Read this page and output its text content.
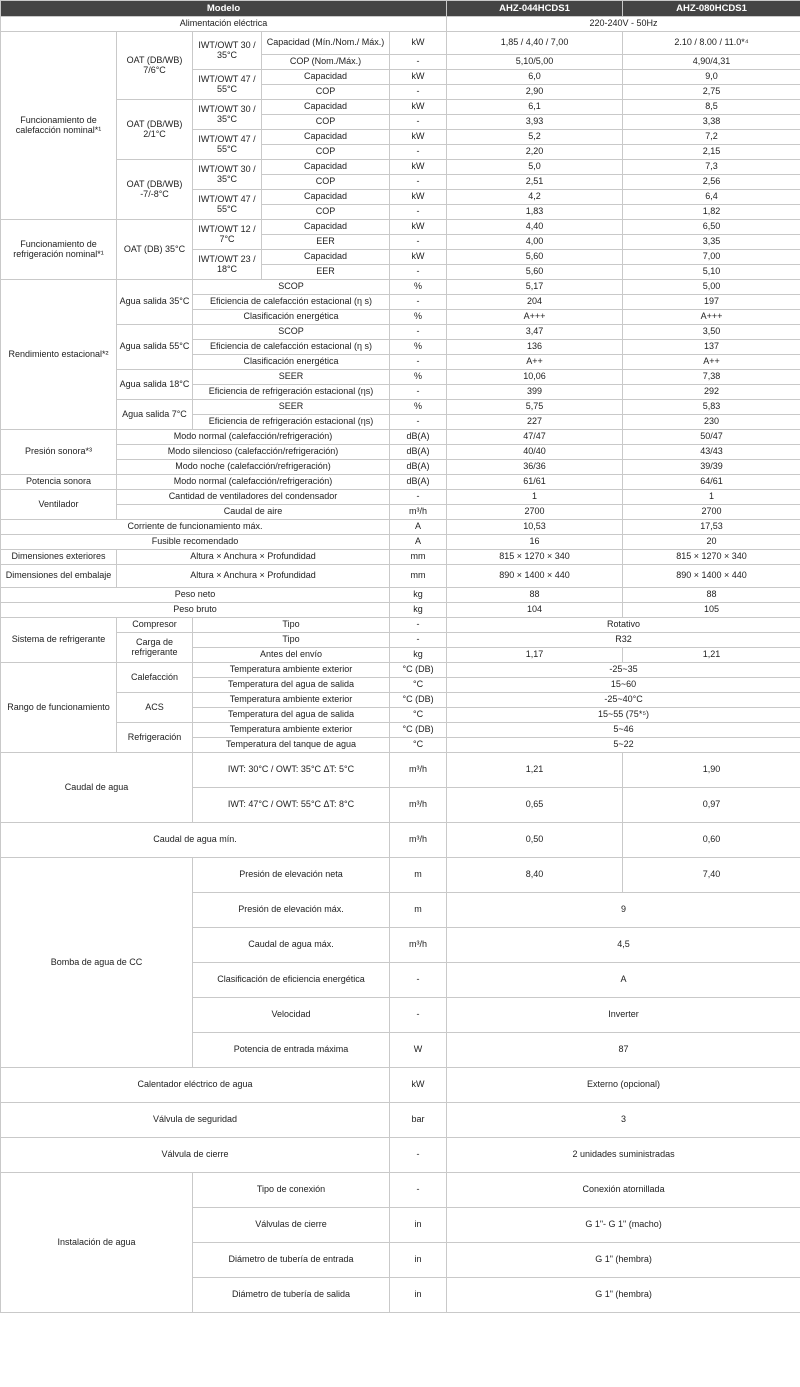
Modelo					AHZ-044HCDS1	AHZ-080HCDS1
Alimentación eléctrica					220-240V - 50Hz	
Funcionamiento de calefacción nominal*¹	OAT (DB/WB) 7/6°C	IWT/OWT 30 / 35°C	Capacidad (Mín./Nom./ Máx.)	kW	1,85 / 4,40 / 7,00	2.10 / 8.00 / 11.0*⁴
			COP (Nom./Máx.)	-	5,10/5,00	4,90/4,31
		IWT/OWT 47 / 55°C	Capacidad	kW	6,0	9,0
			COP	-	2,90	2,75
	OAT (DB/WB) 2/1°C	IWT/OWT 30 / 35°C	Capacidad	kW	6,1	8,5
			COP	-	3,93	3,38
		IWT/OWT 47 / 55°C	Capacidad	kW	5,2	7,2
			COP	-	2,20	2,15
	OAT (DB/WB) -7/-8°C	IWT/OWT 30 / 35°C	Capacidad	kW	5,0	7,3
			COP	-	2,51	2,56
		IWT/OWT 47 / 55°C	Capacidad	kW	4,2	6,4
			COP	-	1,83	1,82
Funcionamiento de refrigeración nominal*¹	OAT (DB) 35°C	IWT/OWT 12 / 7°C	Capacidad	kW	4,40	6,50
			EER	-	4,00	3,35
		IWT/OWT 23 / 18°C	Capacidad	kW	5,60	7,00
			EER	-	5,60	5,10
Rendimiento estacional*²	Agua salida 35°C	SCOP		%	5,17	5,00
		Eficiencia de calefacción estacional (η s)		-	204	197
		Clasificación energética		%	A+++	A+++
	Agua salida 55°C	SCOP		-	3,47	3,50
		Eficiencia de calefacción estacional (η s)		%	136	137
		Clasificación energética		-	A++	A++
	Agua salida 18°C	SEER		%	10,06	7,38
		Eficiencia de refrigeración estacional (ηs)		-	399	292
	Agua salida 7°C	SEER		%	5,75	5,83
		Eficiencia de refrigeración estacional (ηs)		-	227	230
Presión sonora*³	Modo normal (calefacción/refrigeración)			dB(A)	47/47	50/47
	Modo silencioso (calefacción/refrigeración)			dB(A)	40/40	43/43
	Modo noche (calefacción/refrigeración)			dB(A)	36/36	39/39
Potencia sonora	Modo normal (calefacción/refrigeración)			dB(A)	61/61	64/61
Ventilador	Cantidad de ventiladores del condensador			-	1	1
	Caudal de aire			m³/h	2700	2700
Corriente de funcionamiento máx.				A	10,53	17,53
Fusible recomendado				A	16	20
Dimensiones exteriores	Altura × Anchura × Profundidad			mm	815 × 1270 × 340	815 × 1270 × 340
Dimensiones del embalaje	Altura × Anchura × Profundidad			mm	890 × 1400 × 440	890 × 1400 × 440
Peso neto				kg	88	88
Peso bruto				kg	104	105
Sistema de refrigerante	Compresor	Tipo		-	Rotativo	
	Carga de refrigerante	Tipo		-	R32	
		Antes del envío		kg	1,17	1,21
Rango de funcionamiento	Calefacción	Temperatura ambiente exterior		°C (DB)	-25~35	
		Temperatura del agua de salida		°C	15~60	
	ACS	Temperatura ambiente exterior		°C (DB)	-25~40°C	
		Temperatura del agua de salida		°C	15~55 (75*⁵)	
	Refrigeración	Temperatura ambiente exterior		°C (DB)	5~46	
		Temperatura del tanque de agua		°C	5~22	
Caudal de agua		IWT: 30°C / OWT: 35°C ΔT: 5°C		m³/h	1,21	1,90
		IWT: 47°C / OWT: 55°C ΔT: 8°C		m³/h	0,65	0,97
Caudal de agua mín.				m³/h	0,50	0,60
Bomba de agua de CC		Presión de elevación neta		m	8,40	7,40
		Presión de elevación máx.		m	9	
		Caudal de agua máx.		m³/h	4,5	
		Clasificación de eficiencia energética		-	A	
		Velocidad		-	Inverter	
		Potencia de entrada máxima		W	87	
Calentador eléctrico de agua				kW	Externo (opcional)	
Válvula de seguridad				bar	3	
Válvula de cierre				-	2 unidades suministradas	
Instalación de agua		Tipo de conexión		-	Conexión atornillada	
		Válvulas de cierre		in	G 1"- G 1" (macho)	
		Diámetro de tubería de entrada		in	G 1" (hembra)	
		Diámetro de tubería de salida		in	G 1" (hembra)	
